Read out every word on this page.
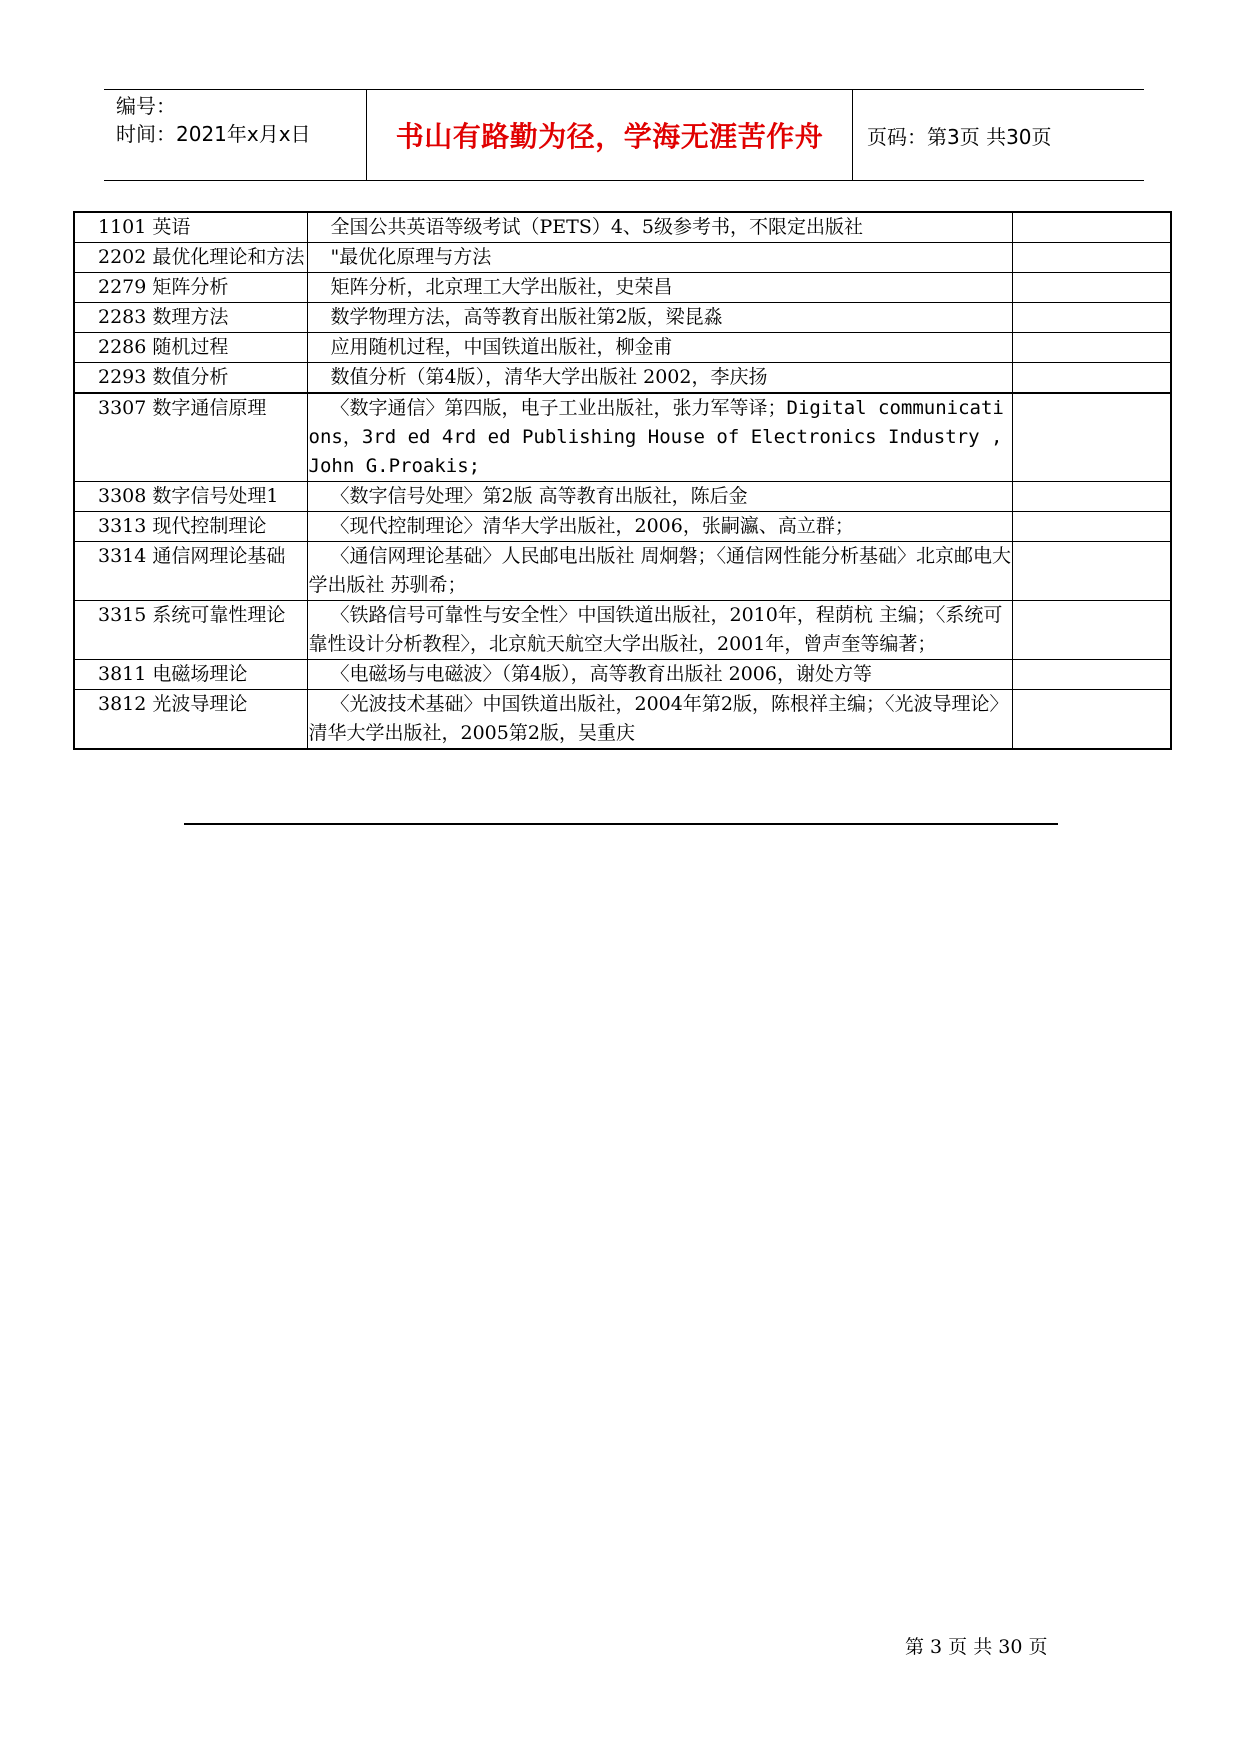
编号：
时间：2021年x月x日	书山有路勤为径，学海无涯苦作舟 页码：第3页 共30页
1101 英语	全国公共英语等级考试（PETS）4、5级参考书，不限定出版社	
2202 最优化理论和方法	"最优化原理与方法	
2279 矩阵分析	矩阵分析，北京理工大学出版社，史荣昌	
2283 数理方法	数学物理方法，高等教育出版社第2版，梁昆淼	
2286 随机过程	应用随机过程，中国铁道出版社，柳金甫	
2293 数值分析	数值分析（第4版），清华大学出版社 2002，李庆扬	
3307 数字通信原理	〈数字通信〉第四版，电子工业出版社，张力军等译；Digital communications，3rd ed 4rd ed Publishing House of Electronics Industry ,John G.Proakis;	
3308 数字信号处理1	〈数字信号处理〉第2版 高等教育出版社，陈后金	
3313 现代控制理论	〈现代控制理论〉清华大学出版社，2006，张嗣瀛、高立群；	
3314 通信网理论基础	〈通信网理论基础〉人民邮电出版社 周炯磐；〈通信网性能分析基础〉北京邮电大学出版社 苏驯希；	
3315 系统可靠性理论	〈铁路信号可靠性与安全性〉中国铁道出版社，2010年，程荫杭 主编；〈系统可靠性设计分析教程〉，北京航天航空大学出版社，2001年，曾声奎等编著；	
3811 电磁场理论	〈电磁场与电磁波〉（第4版），高等教育出版社 2006，谢处方等	
3812 光波导理论	〈光波技术基础〉中国铁道出版社，2004年第2版，陈根祥主编；〈光波导理论〉清华大学出版社，2005第2版，吴重庆	
第 3 页 共 30 页
